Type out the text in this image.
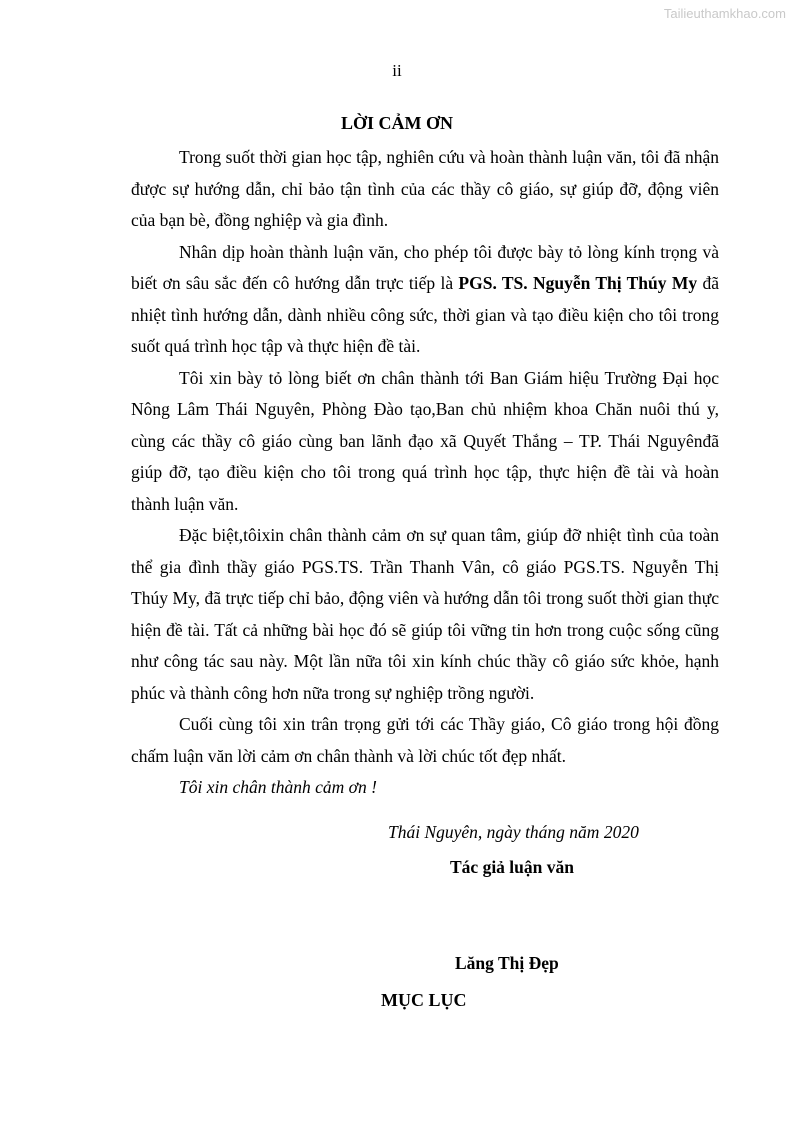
Tailieuthamkhao.com
ii
LỜI CẢM ƠN

Trong suốt thời gian học tập, nghiên cứu và hoàn thành luận văn, tôi đã nhận được sự hướng dẫn, chỉ bảo tận tình của các thầy cô giáo, sự giúp đỡ, động viên của bạn bè, đồng nghiệp và gia đình.

Nhân dịp hoàn thành luận văn, cho phép tôi được bày tỏ lòng kính trọng và biết ơn sâu sắc đến cô hướng dẫn trực tiếp là PGS. TS. Nguyễn Thị Thúy My đã nhiệt tình hướng dẫn, dành nhiều công sức, thời gian và tạo điều kiện cho tôi trong suốt quá trình học tập và thực hiện đề tài.

Tôi xin bày tỏ lòng biết ơn chân thành tới Ban Giám hiệu Trường Đại học Nông Lâm Thái Nguyên, Phòng Đào tạo,Ban chủ nhiệm khoa Chăn nuôi thú y, cùng các thầy cô giáo cùng ban lãnh đạo xã Quyết Thắng – TP. Thái Nguyênđã giúp đỡ, tạo điều kiện cho tôi trong quá trình học tập, thực hiện đề tài và hoàn thành luận văn.

Đặc biệt,tôixin chân thành cảm ơn sự quan tâm, giúp đỡ nhiệt tình của toàn thể gia đình thầy giáo PGS.TS. Trần Thanh Vân, cô giáo PGS.TS. Nguyễn Thị Thúy My, đã trực tiếp chỉ bảo, động viên và hướng dẫn tôi trong suốt thời gian thực hiện đề tài. Tất cả những bài học đó sẽ giúp tôi vững tin hơn trong cuộc sống cũng như công tác sau này. Một lần nữa tôi xin kính chúc thầy cô giáo sức khỏe, hạnh phúc và thành công hơn nữa trong sự nghiệp trồng người.

Cuối cùng tôi xin trân trọng gửi tới các Thầy giáo, Cô giáo trong hội đồng chấm luận văn lời cảm ơn chân thành và lời chúc tốt đẹp nhất.

Tôi xin chân thành cảm ơn !

Thái Nguyên, ngày tháng năm 2020
Tác giả luận văn
Lăng Thị Đẹp
MỤC LỤC
